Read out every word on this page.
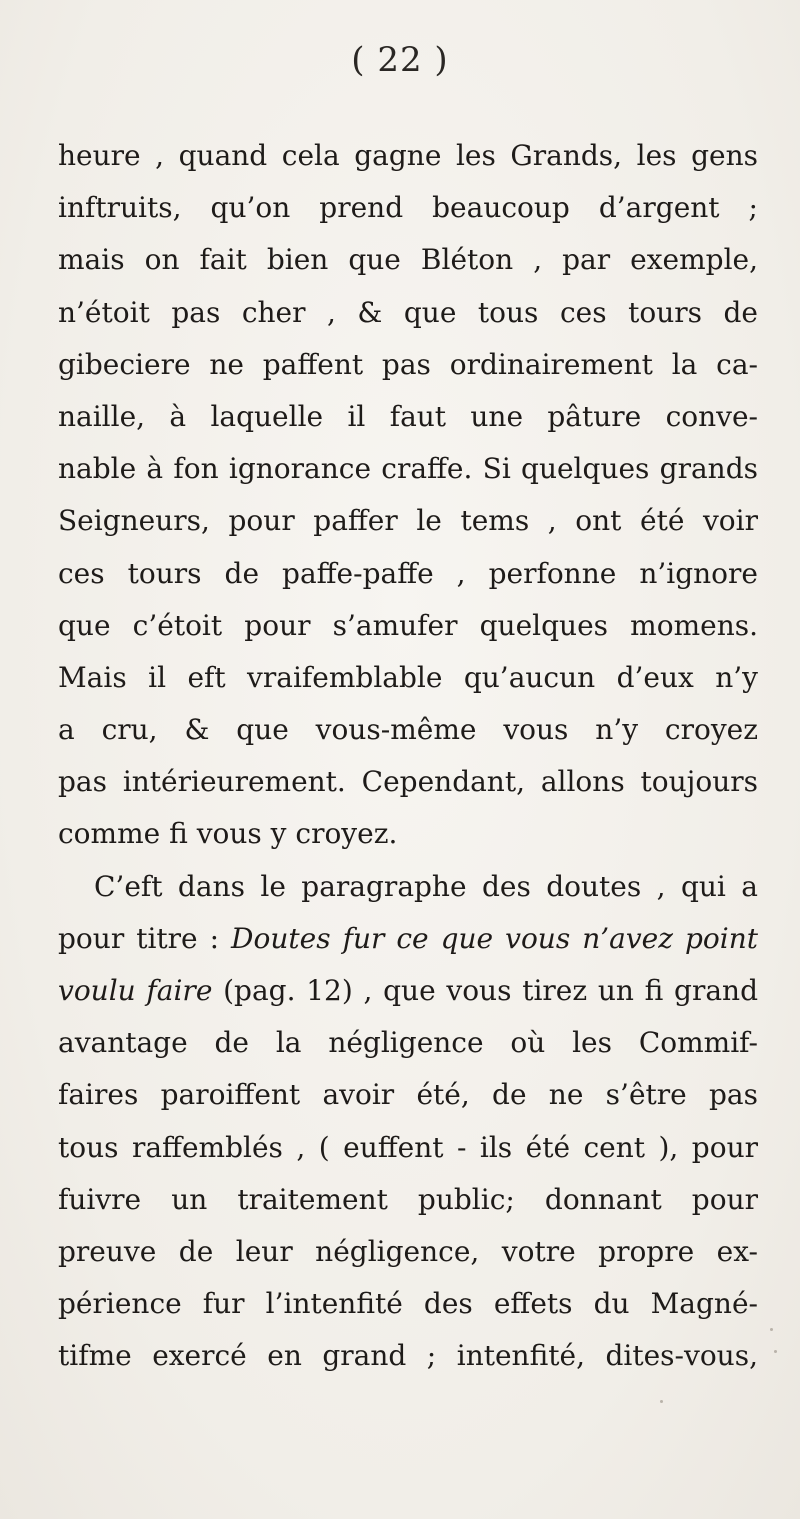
( 22 )
heure , quand cela gagne les Grands, les gens
inftruits, qu’on prend beaucoup d’argent ;
mais on fait bien que Bléton , par exemple,
n’étoit pas cher , & que tous ces tours de
gibeciere ne paffent pas ordinairement la ca-
naille, à laquelle il faut une pâture conve-
nable à fon ignorance craffe. Si quelques grands
Seigneurs, pour paffer le tems , ont été voir
ces tours de paffe-paffe , perfonne n’ignore
que c’étoit pour s’amufer quelques momens.
Mais il eft vraifemblable qu’aucun d’eux n’y
a cru, & que vous-même vous n’y croyez
pas intérieurement. Cependant, allons toujours
comme fi vous y croyez.
C’eft dans le paragraphe des doutes , qui a
pour titre : Doutes fur ce que vous n’avez point
voulu faire (pag. 12) , que vous tirez un fi grand
avantage de la négligence où les Commif-
faires paroiffent avoir été, de ne s’être pas
tous raffemblés , ( euffent - ils été cent ), pour
fuivre un traitement public; donnant pour
preuve de leur négligence, votre propre ex-
périence fur l’intenfité des effets du Magné-
tifme exercé en grand ; intenfité, dites-vous,
